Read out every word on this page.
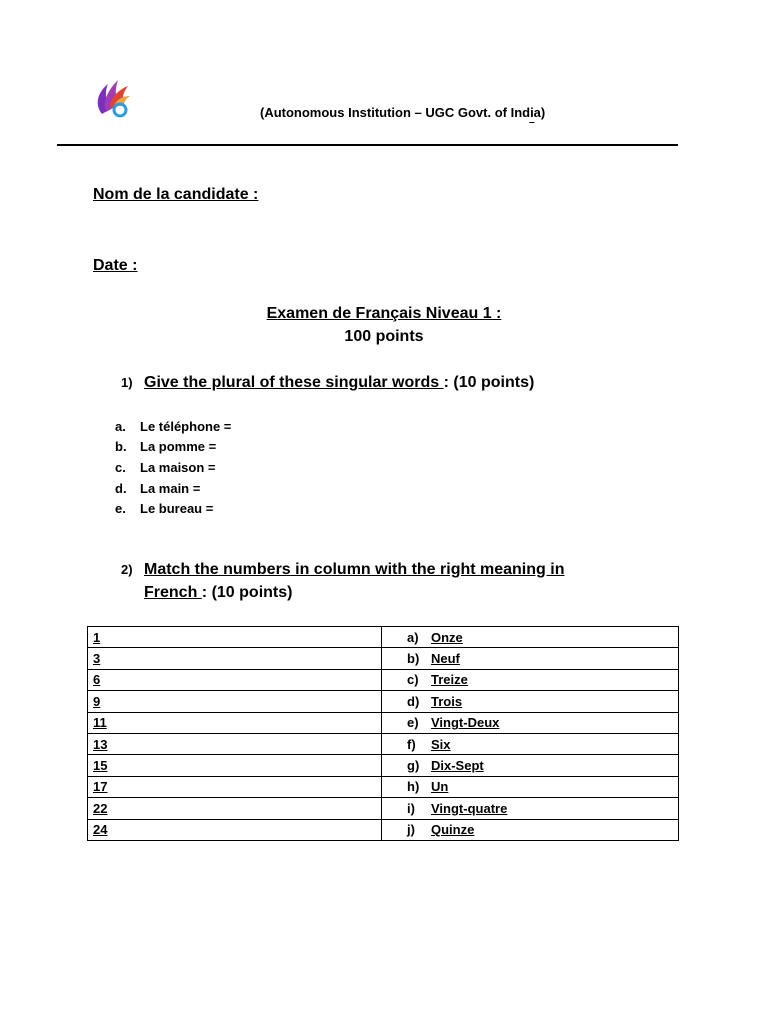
(Autonomous Institution – UGC Govt. of India)
–
Nom de la candidate :
Date :
Examen de Français Niveau 1 :
100 points
1) Give the plural of these singular words : (10 points)
a.	Le téléphone =
b.	La pomme =
c.	La maison =
d.	La main =
e.	Le bureau =
2) Match the numbers in column with the right meaning in
French : (10 points)
1	a) Onze
3	b) Neuf
6	c) Treize
9	d) Trois
11	e) Vingt-Deux
13	f) Six
15	g) Dix-Sept
17	h) Un
22	i) Vingt-quatre
24	j) Quinze
